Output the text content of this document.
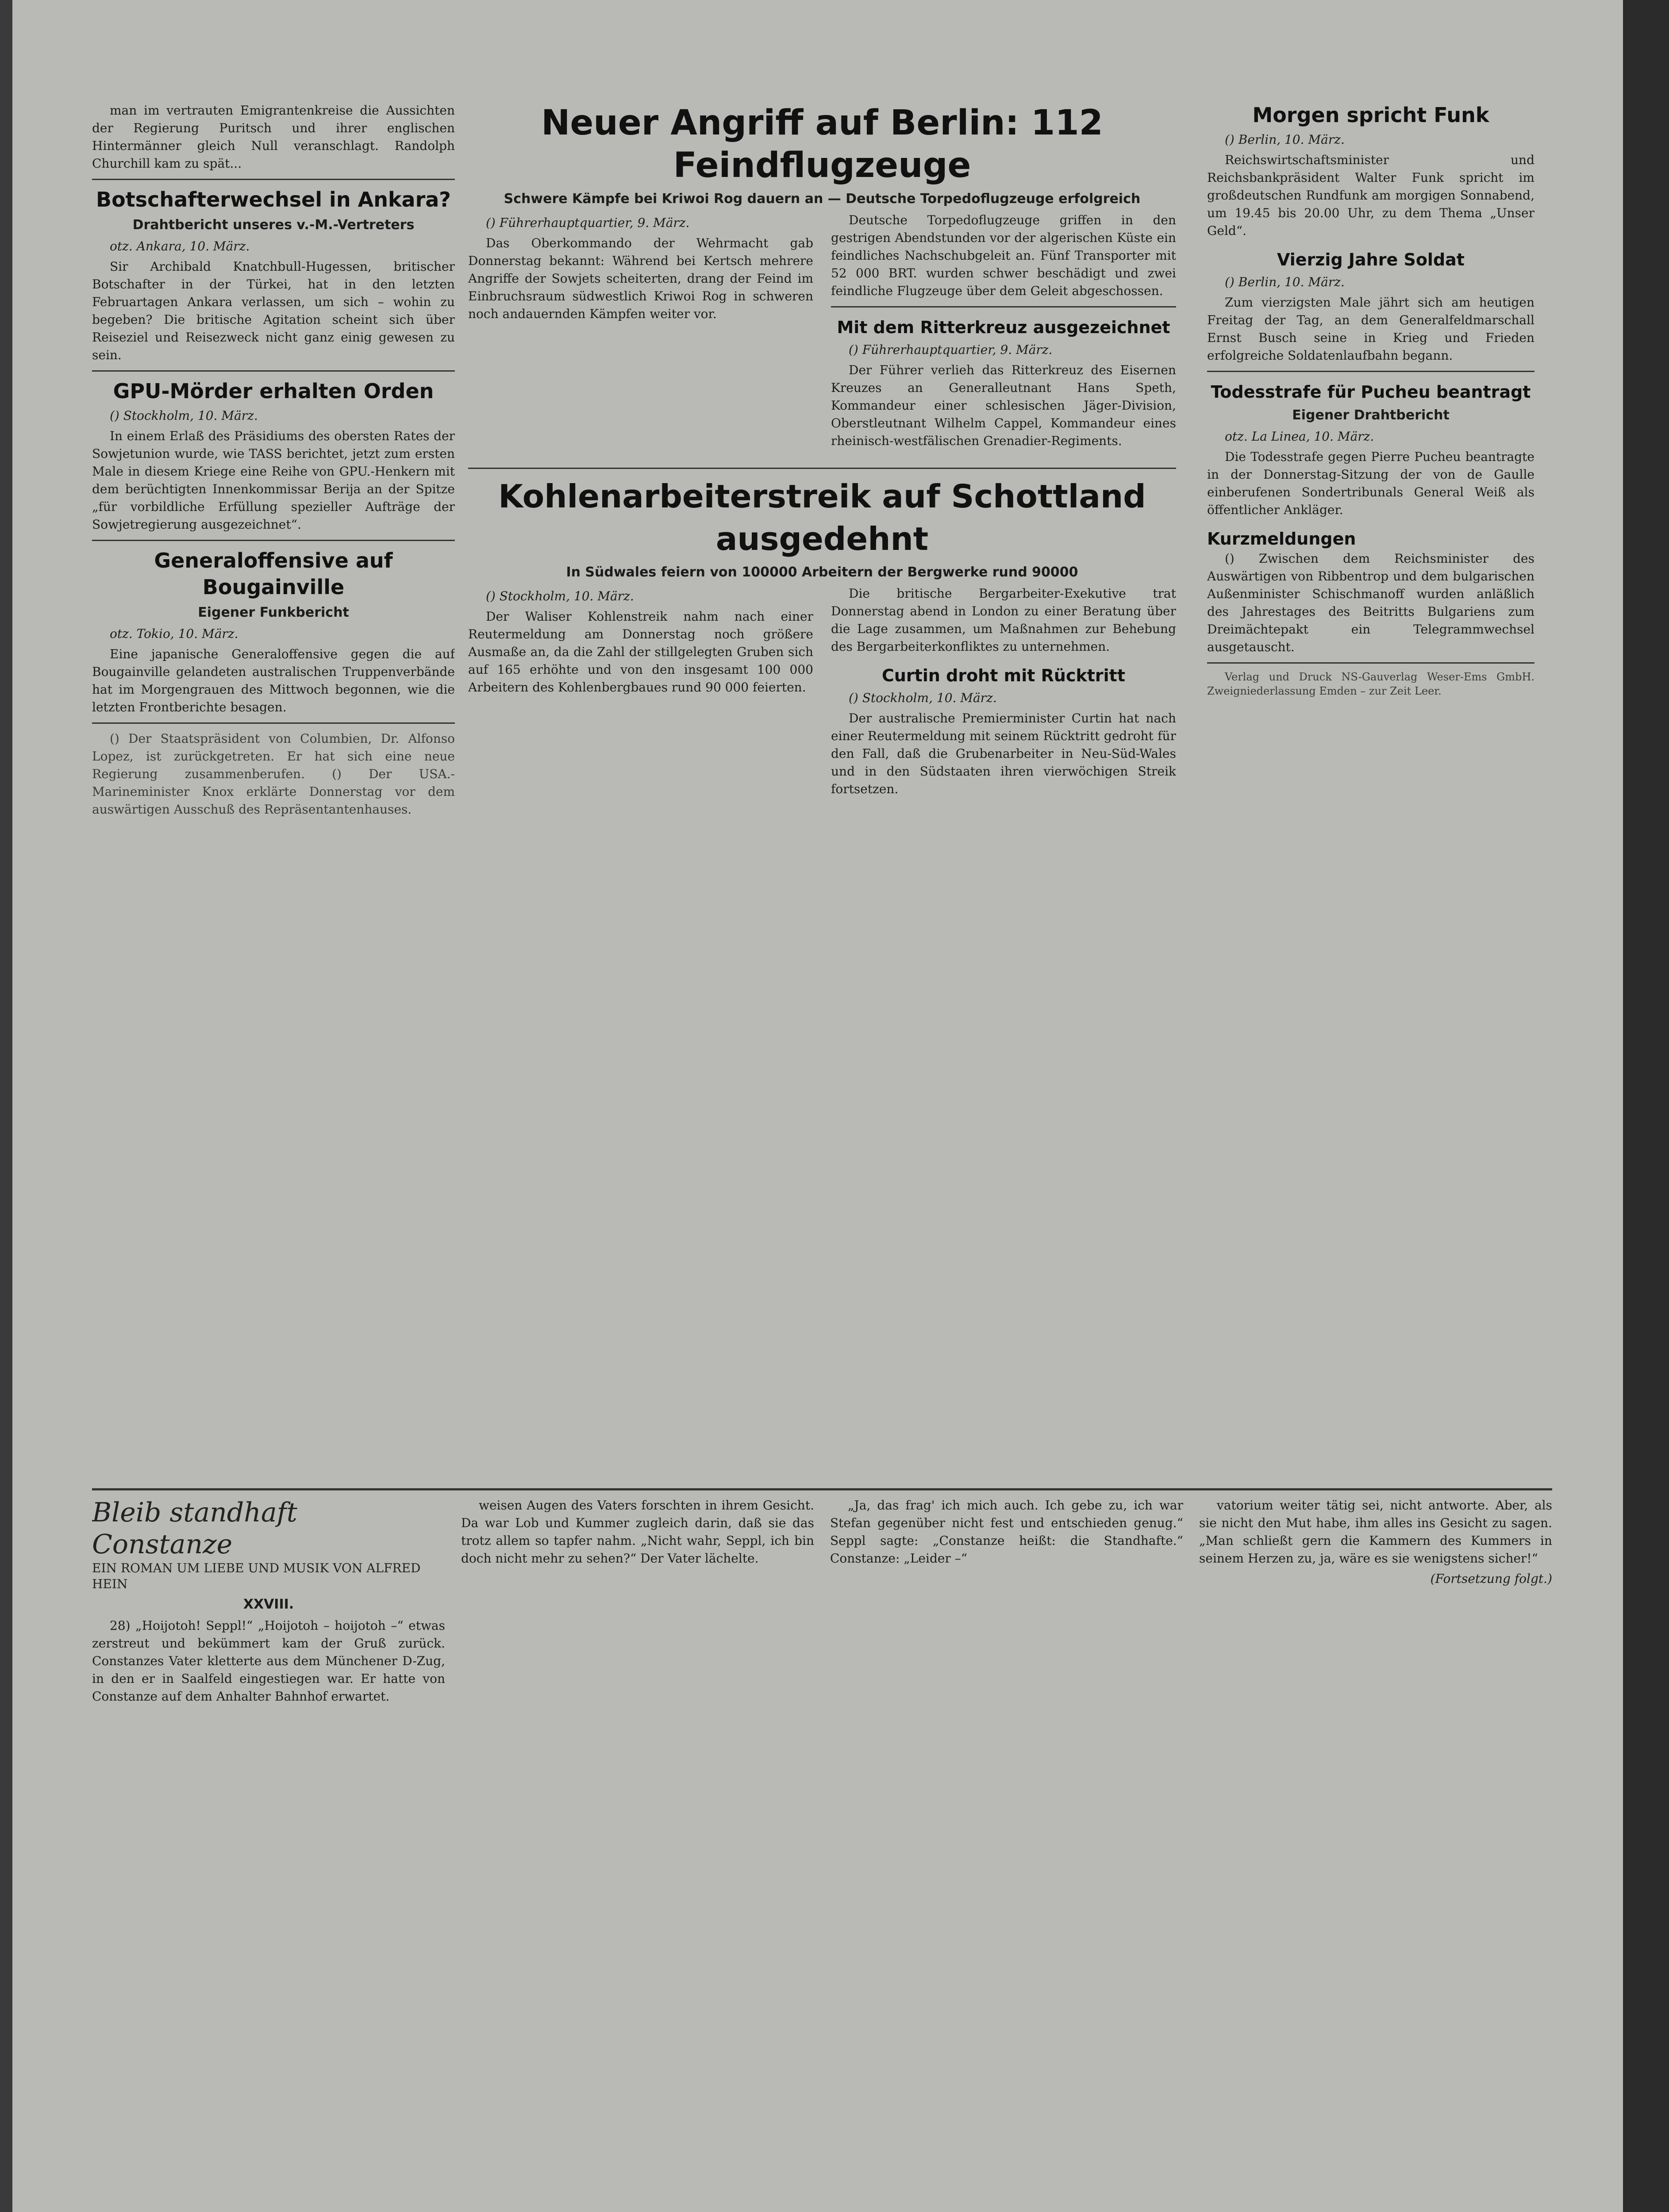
man im vertrauten Emigrantenkreise die Aussichten der Regierung Puritsch und ihrer englischen Hintermänner gleich Null veranschlagt. Randolph Churchill kam zu spät...

Botschafterwechsel in Ankara?
Drahtbericht unseres v.-M.-Vertreters
otz. Ankara, 10. März.

Sir Archibald Knatchbull-Hugessen, britischer Botschafter in der Türkei, hat in den letzten Februartagen Ankara verlassen, um sich – wohin zu begeben? Die britische Agitation scheint sich über Reiseziel und Reisezweck nicht ganz einig gewesen zu sein.

GPU-Mörder erhalten Orden
() Stockholm, 10. März.

In einem Erlaß des Präsidiums des obersten Rates der Sowjetunion wurde, wie TASS berichtet, jetzt zum ersten Male in diesem Kriege eine Reihe von GPU.-Henkern mit dem berüchtigten Innenkommissar Berija an der Spitze „für vorbildliche Erfüllung spezieller Aufträge der Sowjetregierung ausgezeichnet“.

Generaloffensive auf Bougainville
Eigener Funkbericht
otz. Tokio, 10. März.

Eine japanische Generaloffensive gegen die auf Bougainville gelandeten australischen Truppenverbände hat im Morgengrauen des Mittwoch begonnen, wie die letzten Frontberichte besagen.

() Der Staatspräsident von Columbien, Dr. Alfonso Lopez, ist zurückgetreten. Er hat sich eine neue Regierung zusammenberufen. () Der USA.-Marineminister Knox erklärte Donnerstag vor dem auswärtigen Ausschuß des Repräsentantenhauses.

Neuer Angriff auf Berlin: 112 Feindflugzeuge
Schwere Kämpfe bei Kriwoi Rog dauern an — Deutsche Torpedoflugzeuge erfolgreich
() Führerhauptquartier, 9. März.

Das Oberkommando der Wehrmacht gab Donnerstag bekannt: Während bei Kertsch mehrere Angriffe der Sowjets scheiterten, drang der Feind im Einbruchsraum südwestlich Kriwoi Rog in schweren noch andauernden Kämpfen weiter vor.

Deutsche Torpedoflugzeuge griffen in den gestrigen Abendstunden vor der algerischen Küste ein feindliches Nachschubgeleit an. Fünf Transporter mit 52 000 BRT. wurden schwer beschädigt und zwei feindliche Flugzeuge über dem Geleit abgeschossen.

Mit dem Ritterkreuz ausgezeichnet
() Führerhauptquartier, 9. März.

Der Führer verlieh das Ritterkreuz des Eisernen Kreuzes an Generalleutnant Hans Speth, Kommandeur einer schlesischen Jäger-Division, Oberstleutnant Wilhelm Cappel, Kommandeur eines rheinisch-westfälischen Grenadier-Regiments.

Kohlenarbeiterstreik auf Schottland ausgedehnt
In Südwales feiern von 100000 Arbeitern der Bergwerke rund 90000
() Stockholm, 10. März.

Der Waliser Kohlenstreik nahm nach einer Reutermeldung am Donnerstag noch größere Ausmaße an, da die Zahl der stillgelegten Gruben sich auf 165 erhöhte und von den insgesamt 100 000 Arbeitern des Kohlenbergbaues rund 90 000 feierten.

Die britische Bergarbeiter-Exekutive trat Donnerstag abend in London zu einer Beratung über die Lage zusammen, um Maßnahmen zur Behebung des Bergarbeiterkonfliktes zu unternehmen.

Curtin droht mit Rücktritt
() Stockholm, 10. März.

Der australische Premierminister Curtin hat nach einer Reutermeldung mit seinem Rücktritt gedroht für den Fall, daß die Grubenarbeiter in Neu-Süd-Wales und in den Südstaaten ihren vierwöchigen Streik fortsetzen.

Morgen spricht Funk
() Berlin, 10. März.

Reichswirtschaftsminister und Reichsbankpräsident Walter Funk spricht im großdeutschen Rundfunk am morgigen Sonnabend, um 19.45 bis 20.00 Uhr, zu dem Thema „Unser Geld“.

Vierzig Jahre Soldat
() Berlin, 10. März.

Zum vierzigsten Male jährt sich am heutigen Freitag der Tag, an dem Generalfeldmarschall Ernst Busch seine in Krieg und Frieden erfolgreiche Soldatenlaufbahn begann.

Todesstrafe für Pucheu beantragt
Eigener Drahtbericht
otz. La Linea, 10. März.

Die Todesstrafe gegen Pierre Pucheu beantragte in der Donnerstag-Sitzung der von de Gaulle einberufenen Sondertribunals General Weiß als öffentlicher Ankläger.

Kurzmeldungen

() Zwischen dem Reichsminister des Auswärtigen von Ribbentrop und dem bulgarischen Außenminister Schischmanoff wurden anläßlich des Jahrestages des Beitritts Bulgariens zum Dreimächtepakt ein Telegrammwechsel ausgetauscht.

Verlag und Druck NS-Gauverlag Weser-Ems GmbH. Zweigniederlassung Emden – zur Zeit Leer.

Bleib standhaft Constanze
EIN ROMAN UM LIEBE UND MUSIK VON ALFRED HEIN
XXVIII.

28) „Hoijotoh! Seppl!“ „Hoijotoh – hoijotoh –“ etwas zerstreut und bekümmert kam der Gruß zurück. Constanzes Vater kletterte aus dem Münchener D-Zug, in den er in Saalfeld eingestiegen war. Er hatte von Constanze auf dem Anhalter Bahnhof erwartet.

weisen Augen des Vaters forschten in ihrem Gesicht. Da war Lob und Kummer zugleich darin, daß sie das trotz allem so tapfer nahm. „Nicht wahr, Seppl, ich bin doch nicht mehr zu sehen?“ Der Vater lächelte.

„Ja, das frag' ich mich auch. Ich gebe zu, ich war Stefan gegenüber nicht fest und entschieden genug.“ Seppl sagte: „Constanze heißt: die Standhafte.“ Constanze: „Leider –“

vatorium weiter tätig sei, nicht antworte. Aber, als sie nicht den Mut habe, ihm alles ins Gesicht zu sagen. „Man schließt gern die Kammern des Kummers in seinem Herzen zu, ja, wäre es sie wenigstens sicher!“

(Fortsetzung folgt.)
